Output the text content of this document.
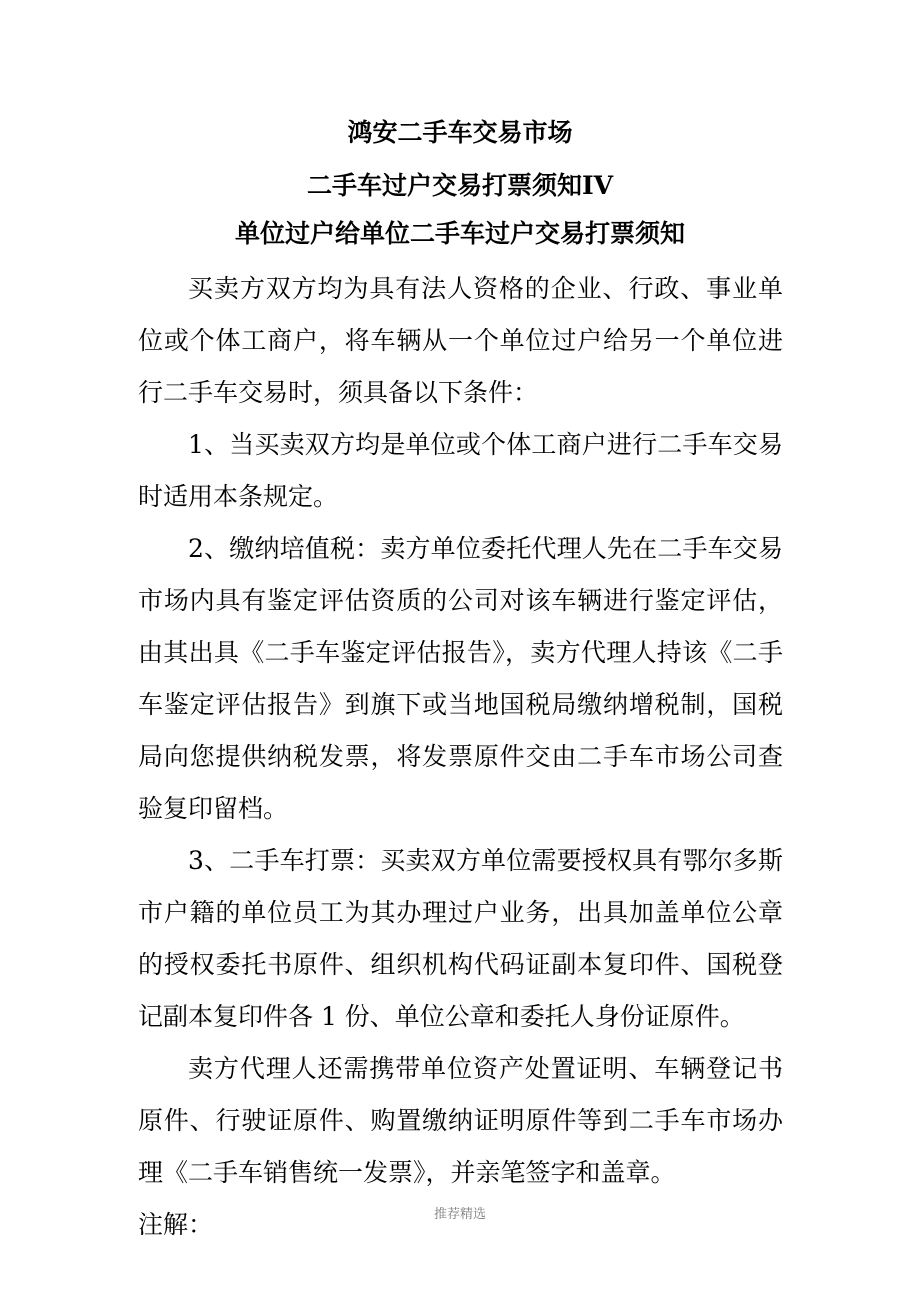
鸿安二手车交易市场
二手车过户交易打票须知IV
单位过户给单位二手车过户交易打票须知

买卖方双方均为具有法人资格的企业、行政、事业单位或个体工商户，将车辆从一个单位过户给另一个单位进行二手车交易时，须具备以下条件：

1、当买卖双方均是单位或个体工商户进行二手车交易时适用本条规定。

2、缴纳培值税：卖方单位委托代理人先在二手车交易市场内具有鉴定评估资质的公司对该车辆进行鉴定评估，由其出具《二手车鉴定评估报告》，卖方代理人持该《二手车鉴定评估报告》到旗下或当地国税局缴纳增税制，国税局向您提供纳税发票，将发票原件交由二手车市场公司查验复印留档。

3、二手车打票：买卖双方单位需要授权具有鄂尔多斯市户籍的单位员工为其办理过户业务，出具加盖单位公章的授权委托书原件、组织机构代码证副本复印件、国税登记副本复印件各 1 份、单位公章和委托人身份证原件。

卖方代理人还需携带单位资产处置证明、车辆登记书原件、行驶证原件、购置缴纳证明原件等到二手车市场办理《二手车销售统一发票》，并亲笔签字和盖章。

注解：	推荐精选
